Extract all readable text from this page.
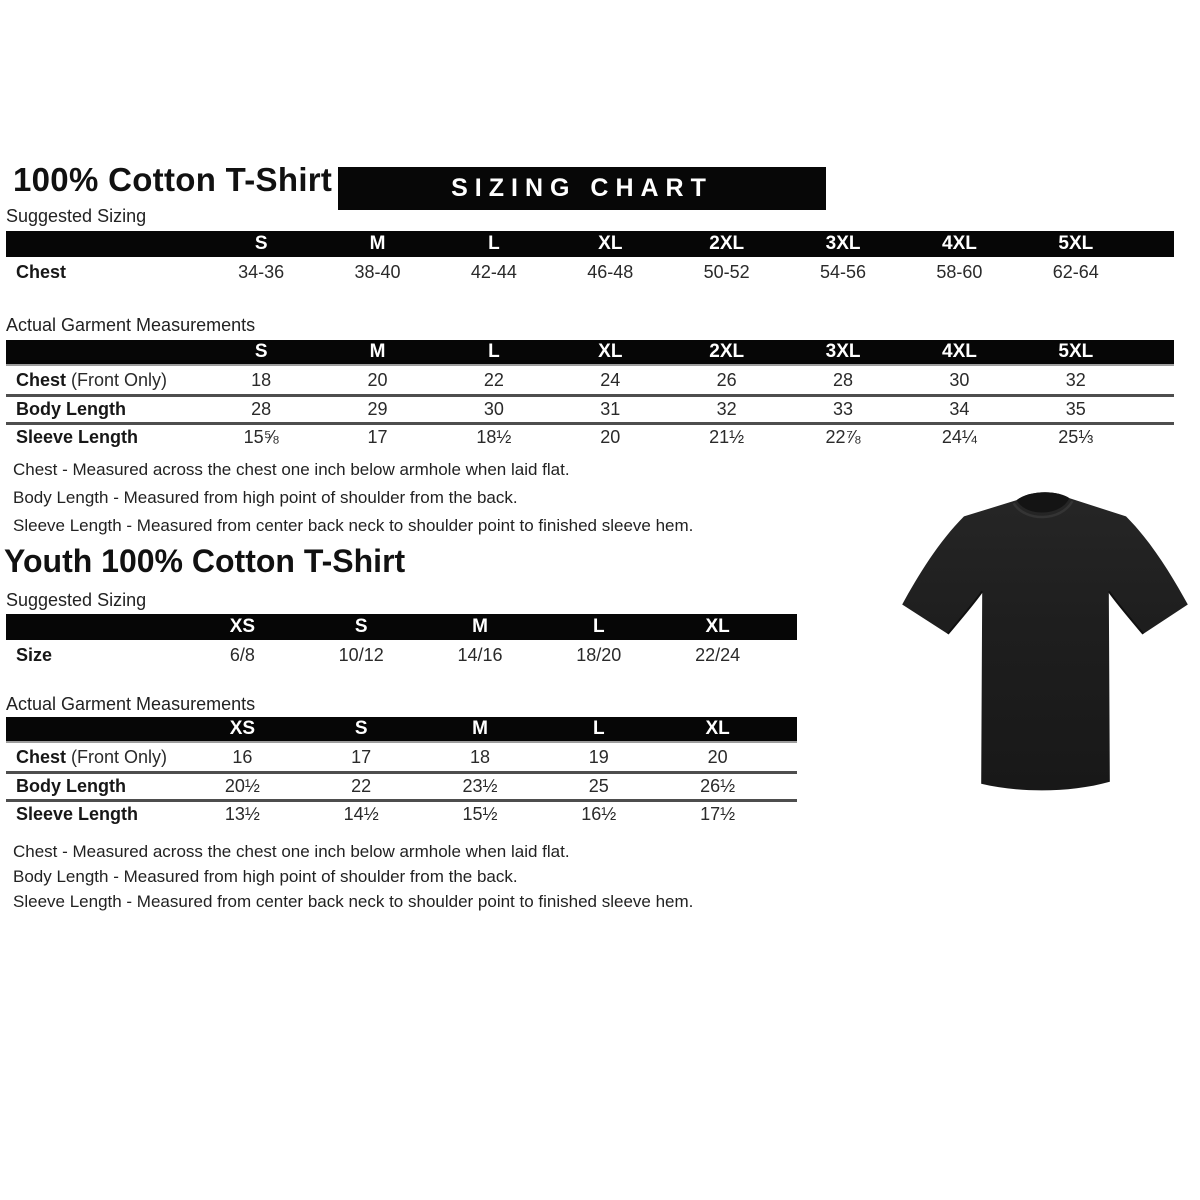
100% Cotton T-Shirt	SIZING CHART
Suggested Sizing
S	M	L	XL	2XL	3XL	4XL	5XL
Chest	34-36	38-40	42-44	46-48	50-52	54-56	58-60	62-64
Actual Garment Measurements
S	M	L	XL	2XL	3XL	4XL	5XL
Chest (Front Only)	18	20	22	24	26	28	30	32
Body Length	28	29	30	31	32	33	34	35
Sleeve Length	15⅝	17	18½	20	21½	22⅞	24¼	25⅓

Chest - Measured across the chest one inch below armhole when laid flat.

Body Length - Measured from high point of shoulder from the back.

Sleeve Length - Measured from center back neck to shoulder point to finished sleeve hem.

Youth 100% Cotton T-Shirt
Suggested Sizing
XS	S	M	L	XL
Size	6/8	10/12	14/16	18/20	22/24
Actual Garment Measurements
XS	S	M	L	XL
Chest (Front Only)	16	17	18	19	20
Body Length	20½	22	23½	25	26½
Sleeve Length	13½	14½	15½	16½	17½

Chest - Measured across the chest one inch below armhole when laid flat.

Body Length - Measured from high point of shoulder from the back.

Sleeve Length - Measured from center back neck to shoulder point to finished sleeve hem.
